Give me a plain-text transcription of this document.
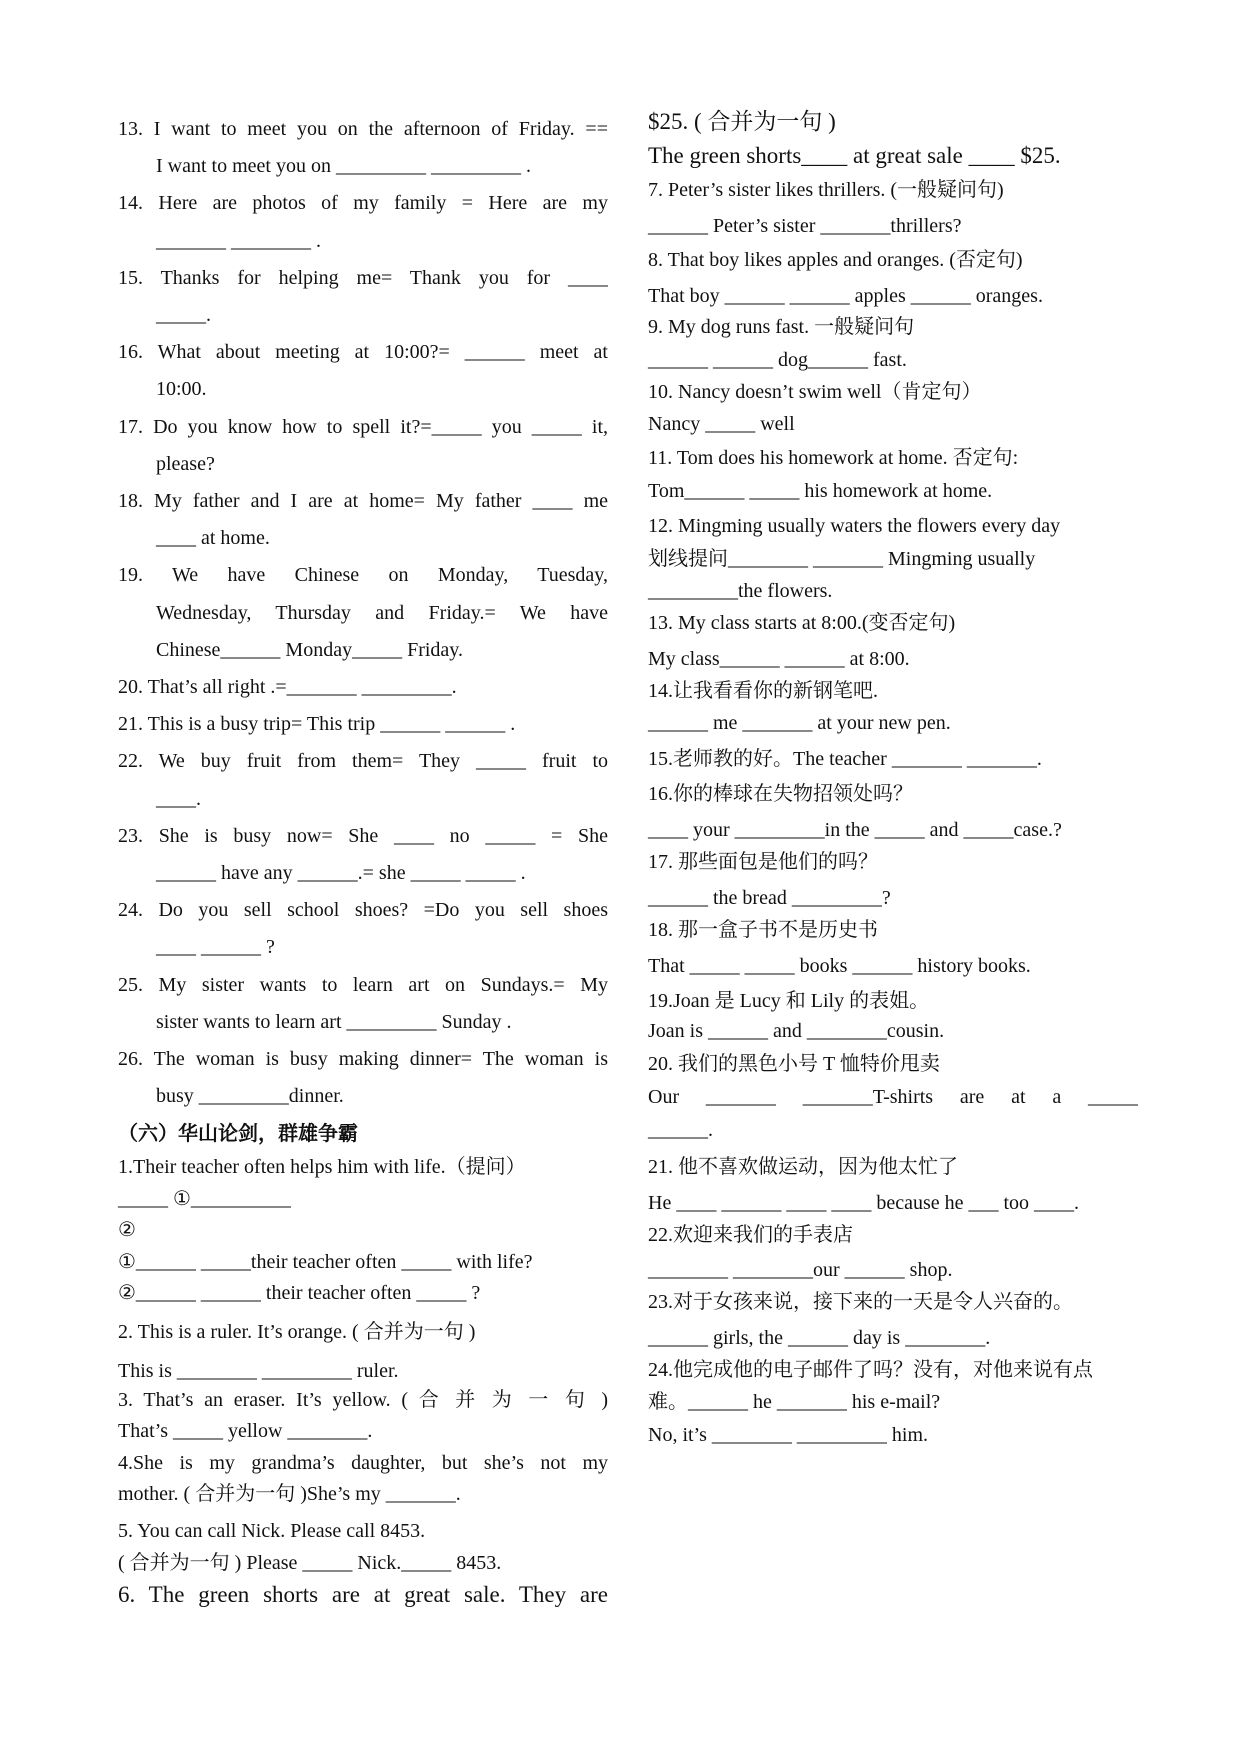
13. I want to meet you on the afternoon of Friday. ==
I want to meet you on _________ _________ .
14. Here are photos of my family = Here are my
_______ ________ .
15. Thanks for helping me= Thank you for ____
_____.
16. What about meeting at 10:00?= ______ meet at
10:00.
17. Do you know how to spell it?=_____ you _____ it,
please?
18. My father and I are at home= My father ____ me
____ at home.
19. We have Chinese on Monday, Tuesday,
Wednesday, Thursday and Friday.= We have
Chinese______ Monday_____ Friday.
20. That’s all right .=_______ _________.
21. This is a busy trip= This trip ______ ______ .
22. We buy fruit from them= They _____ fruit to
____.
23. She is busy now= She ____ no _____ = She
______ have any ______.= she _____ _____ .
24. Do you sell school shoes? =Do you sell shoes
____ ______ ?
25. My sister wants to learn art on Sundays.= My
sister wants to learn art _________ Sunday .
26. The woman is busy making dinner= The woman is
busy _________dinner.
（六）华山论剑，群雄争霸
1.Their teacher often helps him with life.（提问）
_____ ①__________
②
①______ _____their teacher often _____ with life?
②______ ______ their teacher often _____ ?
2. This is a ruler. It’s orange. ( 合并为一句 )
This is ________ _________ ruler.
3. That’s an eraser. It’s yellow. ( 合 并 为 一 句 )
That’s _____ yellow ________.
4.She is my grandma’s daughter, but she’s not my
mother. ( 合并为一句 )She’s my _______.
5. You can call Nick. Please call 8453.
( 合并为一句 ) Please _____ Nick._____ 8453.
6. The green shorts are at great sale. They are
$25. ( 合并为一句 )
The green shorts____ at great sale ____ $25.
7. Peter’s sister likes thrillers. (一般疑问句)
______ Peter’s sister _______thrillers?
8. That boy likes apples and oranges. (否定句)
That boy ______ ______ apples ______ oranges.
9. My dog runs fast. 一般疑问句
______ ______ dog______ fast.
10. Nancy doesn’t swim well（肯定句）
Nancy _____ well
11. Tom does his homework at home. 否定句:
Tom______ _____ his homework at home.
12. Mingming usually waters the flowers every day
划线提问________ _______ Mingming usually
_________the flowers.
13. My class starts at 8:00.(变否定句)
My class______ ______ at 8:00.
14.让我看看你的新钢笔吧.
______ me _______ at your new pen.
15.老师教的好。The teacher _______ _______.
16.你的棒球在失物招领处吗？
____ your _________in the _____ and _____case.?
17. 那些面包是他们的吗？
______ the bread _________?
18. 那一盒子书不是历史书
That _____ _____ books ______ history books.
19.Joan 是 Lucy 和 Lily 的表姐。
Joan is ______ and ________cousin.
20. 我们的黑色小号 T 恤特价甩卖
Our _______ _______T-shirts are at a _____
______.
21. 他不喜欢做运动，因为他太忙了
He ____ ______ ____ ____ because he ___ too ____.
22.欢迎来我们的手表店
________ ________our ______ shop.
23.对于女孩来说，接下来的一天是令人兴奋的。
______ girls, the ______ day is ________.
24.他完成他的电子邮件了吗？没有，对他来说有点
难。______ he _______ his e-mail?
No, it’s ________ _________ him.
